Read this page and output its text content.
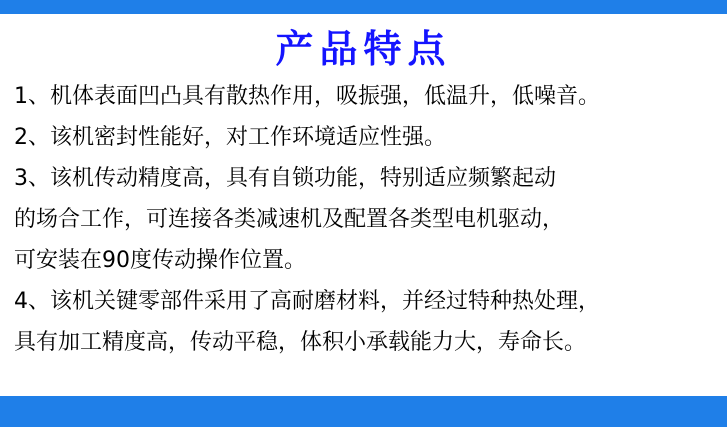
产品特点
1、机体表面凹凸具有散热作用，吸振强，低温升，低噪音。
2、该机密封性能好，对工作环境适应性强。
3、该机传动精度高，具有自锁功能，特别适应频繁起动
的场合工作，可连接各类减速机及配置各类型电机驱动，
可安装在90度传动操作位置。
4、该机关键零部件采用了高耐磨材料，并经过特种热处理，
具有加工精度高，传动平稳，体积小承载能力大，寿命长。
